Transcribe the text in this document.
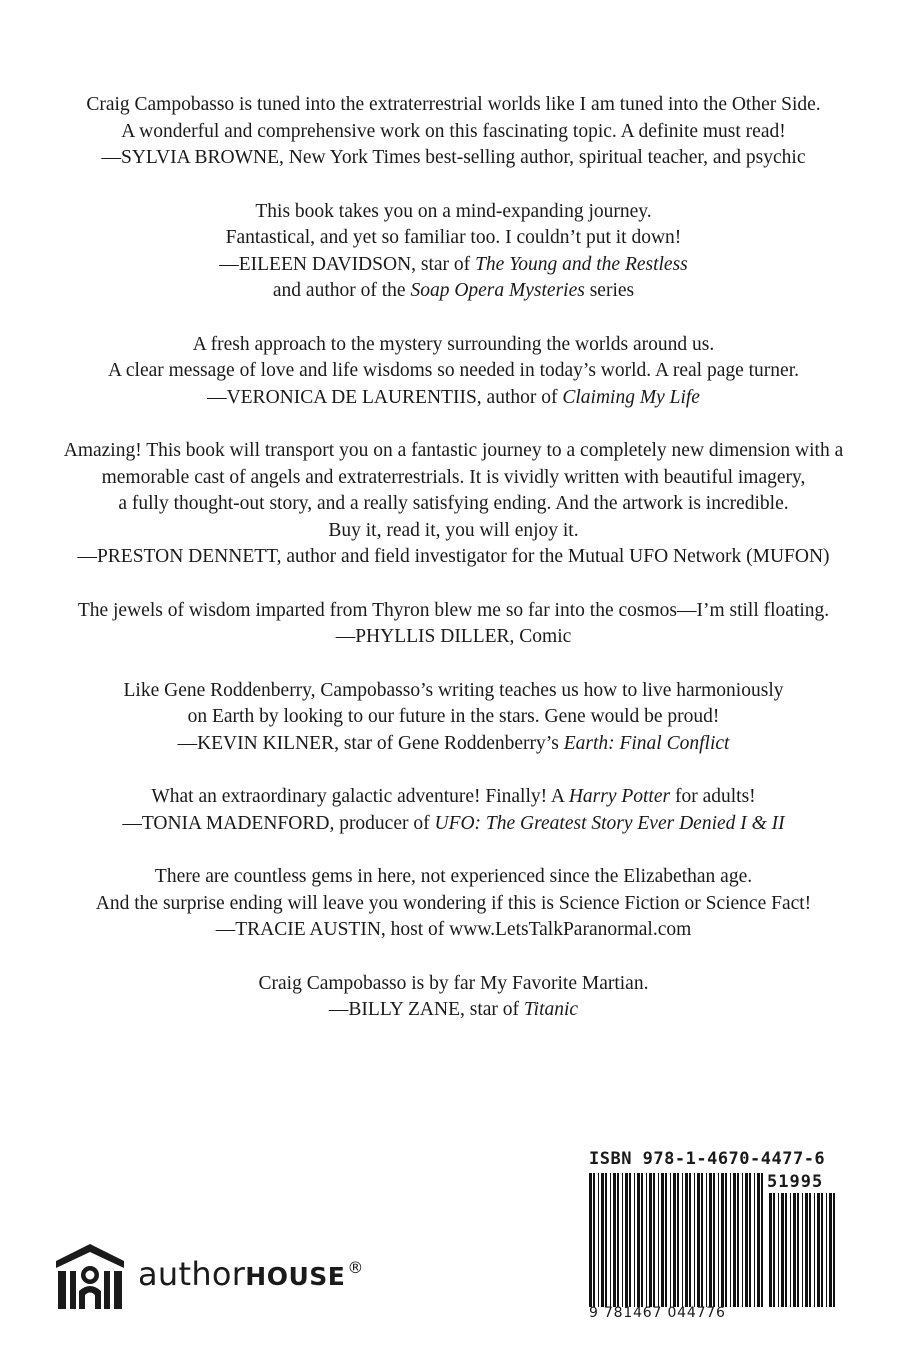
Craig Campobasso is tuned into the extraterrestrial worlds like I am tuned into the Other Side.
A wonderful and comprehensive work on this fascinating topic. A definite must read!
—SYLVIA BROWNE, New York Times best-selling author, spiritual teacher, and psychic
This book takes you on a mind-expanding journey.
Fantastical, and yet so familiar too. I couldn’t put it down!
—EILEEN DAVIDSON, star of The Young and the Restless
and author of the Soap Opera Mysteries series
A fresh approach to the mystery surrounding the worlds around us.
A clear message of love and life wisdoms so needed in today’s world. A real page turner.
—VERONICA DE LAURENTIIS, author of Claiming My Life
Amazing! This book will transport you on a fantastic journey to a completely new dimension with a
memorable cast of angels and extraterrestrials. It is vividly written with beautiful imagery,
a fully thought-out story, and a really satisfying ending. And the artwork is incredible.
Buy it, read it, you will enjoy it.
—PRESTON DENNETT, author and field investigator for the Mutual UFO Network (MUFON)
The jewels of wisdom imparted from Thyron blew me so far into the cosmos—I’m still floating.
—PHYLLIS DILLER, Comic
Like Gene Roddenberry, Campobasso’s writing teaches us how to live harmoniously
on Earth by looking to our future in the stars. Gene would be proud!
—KEVIN KILNER, star of Gene Roddenberry’s Earth: Final Conflict
What an extraordinary galactic adventure! Finally! A Harry Potter for adults!
—TONIA MADENFORD, producer of UFO: The Greatest Story Ever Denied I & II
There are countless gems in here, not experienced since the Elizabethan age.
And the surprise ending will leave you wondering if this is Science Fiction or Science Fact!
—TRACIE AUSTIN, host of www.LetsTalkParanormal.com
Craig Campobasso is by far My Favorite Martian.
—BILLY ZANE, star of Titanic
authorHOUSE ®
ISBN 978-1-4670-4477-6
51995
9 781467 044776
